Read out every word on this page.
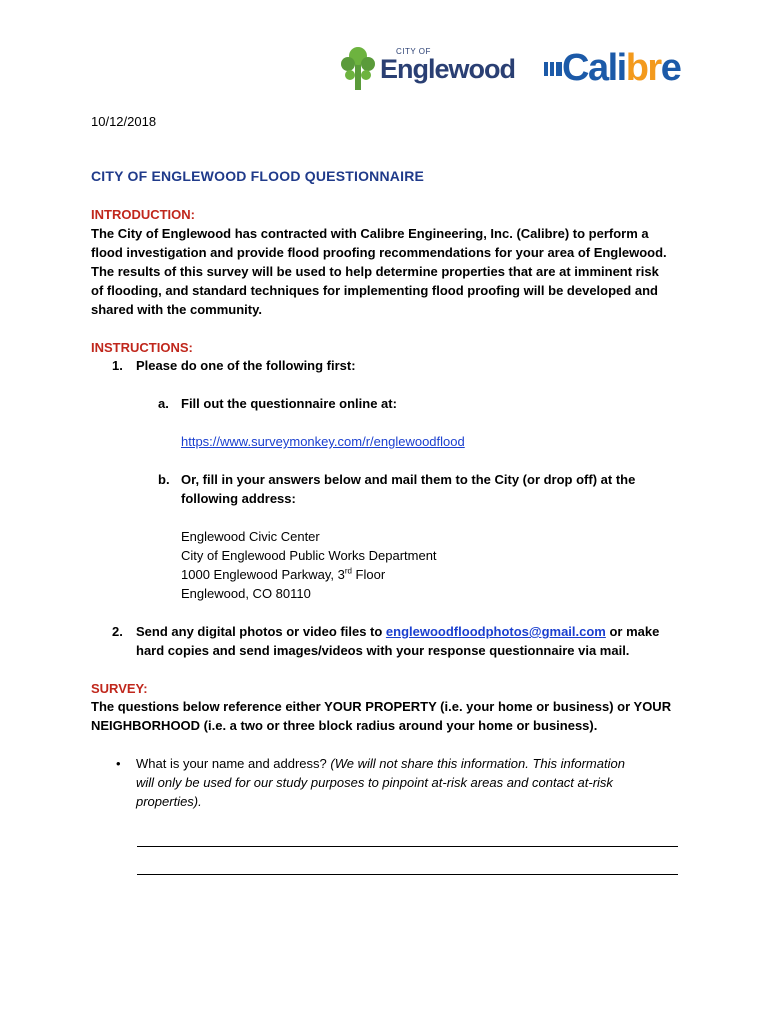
CITY OF
Englewood Calibre
10/12/2018
CITY OF ENGLEWOOD FLOOD QUESTIONNAIRE
INTRODUCTION:
The City of Englewood has contracted with Calibre Engineering, Inc. (Calibre) to perform a
flood investigation and provide flood proofing recommendations for your area of Englewood.
The results of this survey will be used to help determine properties that are at imminent risk
of flooding, and standard techniques for implementing flood proofing will be developed and
shared with the community.
INSTRUCTIONS:
1. Please do one of the following first:
a. Fill out the questionnaire online at:
https://www.surveymonkey.com/r/englewoodflood
b. Or, fill in your answers below and mail them to the City (or drop off) at the
following address:
Englewood Civic Center
City of Englewood Public Works Department
1000 Englewood Parkway, 3rd Floor
Englewood, CO 80110
2. Send any digital photos or video files to englewoodfloodphotos@gmail.com or make
hard copies and send images/videos with your response questionnaire via mail.
SURVEY:
The questions below reference either YOUR PROPERTY (i.e. your home or business) or YOUR
NEIGHBORHOOD (i.e. a two or three block radius around your home or business).
• What is your name and address? (We will not share this information. This information
will only be used for our study purposes to pinpoint at-risk areas and contact at-risk
properties).
